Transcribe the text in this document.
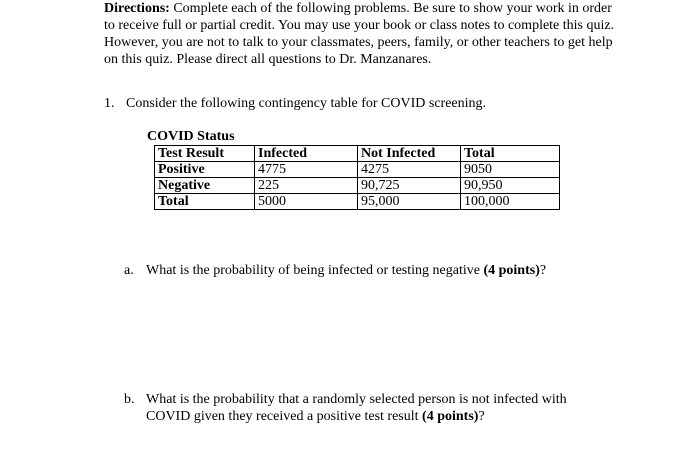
Directions: Complete each of the following problems. Be sure to show your work in order to receive full or partial credit. You may use your book or class notes to complete this quiz. However, you are not to talk to your classmates, peers, family, or other teachers to get help on this quiz. Please direct all questions to Dr. Manzanares.
1. Consider the following contingency table for COVID screening.
COVID Status
Test Result	Infected	Not Infected	Total
Positive	4775	4275	9050
Negative	225	90,725	90,950
Total	5000	95,000	100,000
a. What is the probability of being infected or testing negative (4 points)?
b. What is the probability that a randomly selected person is not infected with
COVID given they received a positive test result (4 points)?
